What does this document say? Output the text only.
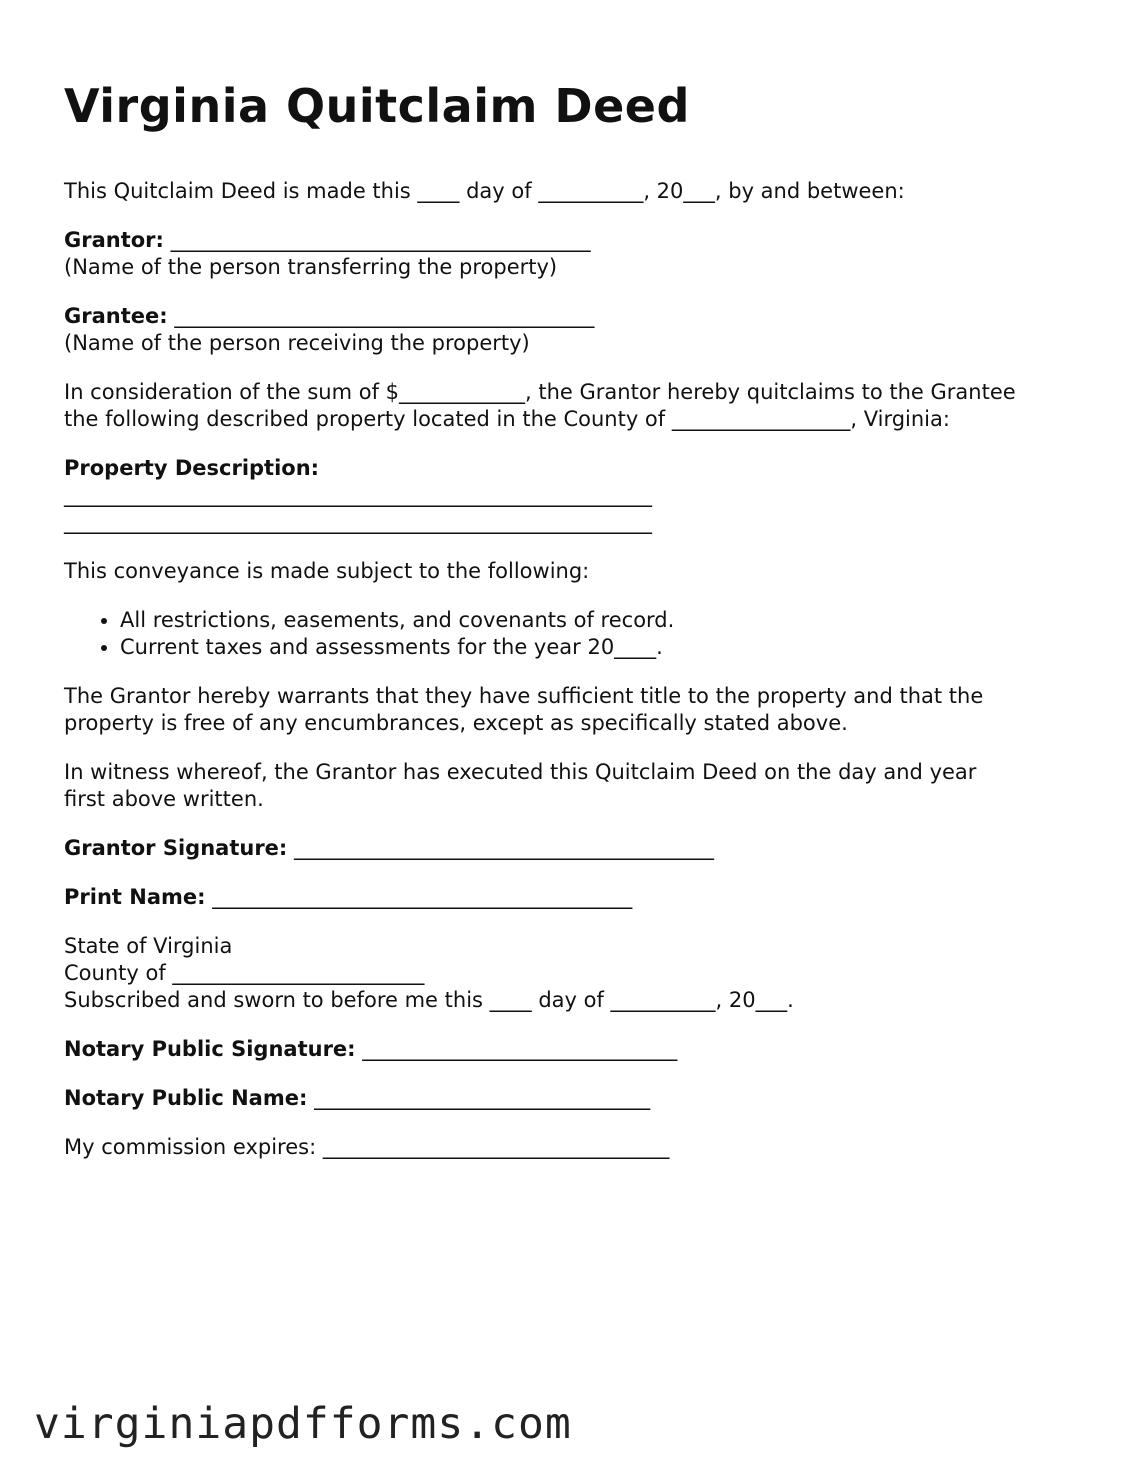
Virginia Quitclaim Deed

This Quitclaim Deed is made this ____ day of __________, 20___, by and between:

Grantor: ________________________________________
(Name of the person transferring the property)

Grantee: ________________________________________
(Name of the person receiving the property)

In consideration of the sum of $____________, the Grantor hereby quitclaims to the Grantee
the following described property located in the County of _________________, Virginia:

Property Description:
________________________________________________________
________________________________________________________

This conveyance is made subject to the following:

• All restrictions, easements, and covenants of record.
• Current taxes and assessments for the year 20____.

The Grantor hereby warrants that they have sufficient title to the property and that the
property is free of any encumbrances, except as specifically stated above.

In witness whereof, the Grantor has executed this Quitclaim Deed on the day and year
first above written.

Grantor Signature: ________________________________________

Print Name: ________________________________________

State of Virginia
County of ________________________
Subscribed and sworn to before me this ____ day of __________, 20___.

Notary Public Signature: ______________________________

Notary Public Name: ________________________________

My commission expires: _________________________________

virginiapdfforms.com
